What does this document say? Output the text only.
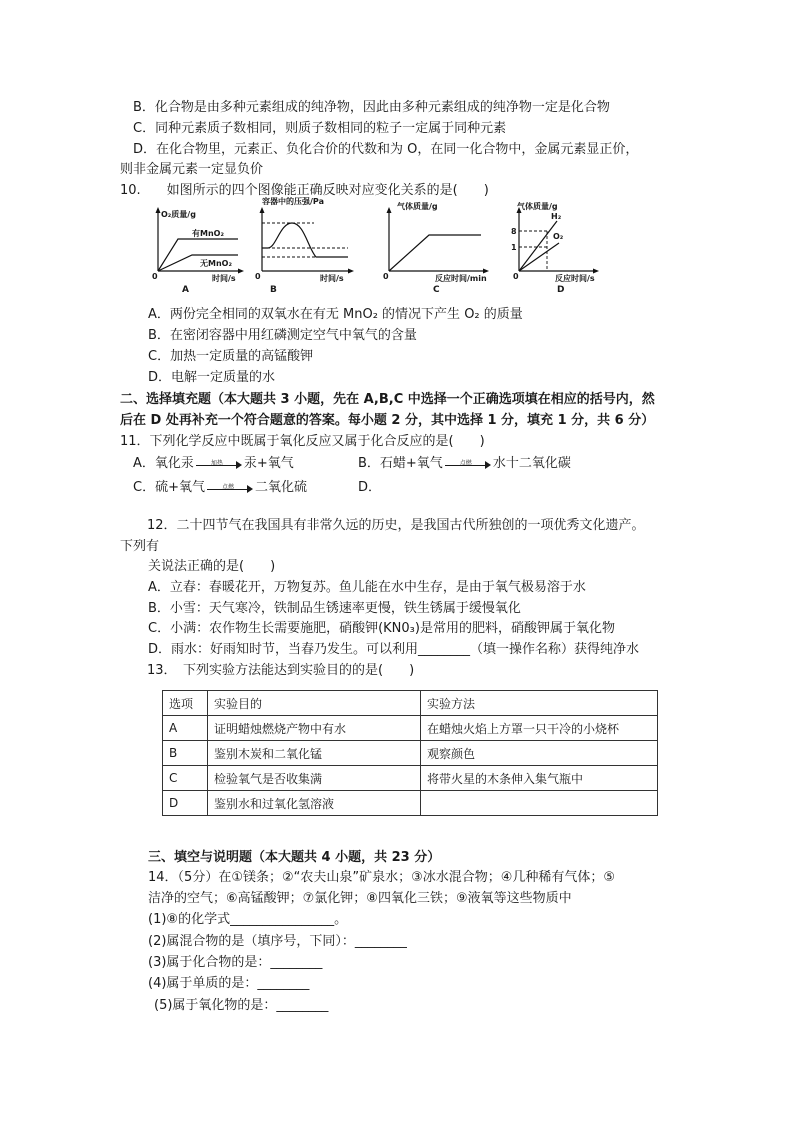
B．化合物是由多种元素组成的纯净物，因此由多种元素组成的纯净物一定是化合物
C．同种元素质子数相同，则质子数相同的粒子一定属于同种元素
D．在化合物里，元素正、负化合价的代数和为 O，在同一化合物中，金属元素显正价，
则非金属元素一定显负价
10.　　如图所示的四个图像能正确反映对应变化关系的是(　　)
O₂质量/g
有MnO₂
无MnO₂
0	时间/s
A
容器中的压强/Pa
0	时间/s
B
气体质量/g
0	反应时间/min
C
气体质量/g
8
1
H₂
O₂
0	反应时间/s
D
A．两份完全相同的双氧水在有无 MnO₂ 的情况下产生 O₂ 的质量
B．在密闭容器中用红磷测定空气中氧气的含量
C．加热一定质量的高锰酸钾
D．电解一定质量的水
二、选择填充题（本大题共 3 小题，先在 A,B,C 中选择一个正确选项填在相应的括号内，然
后在 D 处再补充一个符合题意的答案。每小题 2 分，其中选择 1 分，填充 1 分，共 6 分）
11．下列化学反应中既属于氧化反应又属于化合反应的是(　　)
A．氧化汞	加热	汞+氧气	B．石蜡+氧气	点燃	水十二氧化碳
C．硫+氧气	点燃	二氧化硫	D．
12．二十四节气在我国具有非常久远的历史，是我国古代所独创的一项优秀文化遗产。
下列有
关说法正确的是(　　)
A．立春：春暖花开，万物复苏。鱼儿能在水中生存，是由于氧气极易溶于水
B．小雪：天气寒冷，铁制品生锈速率更慢，铁生锈属于缓慢氧化
C．小满：农作物生长需要施肥，硝酸钾(KN0₃)是常用的肥料，硝酸钾属于氧化物
D．雨水：好雨知时节，当春乃发生。可以利用________（填一操作名称）获得纯净水
13．　下列实验方法能达到实验目的的是(　　)
选项	实验目的	实验方法
A	证明蜡烛燃烧产物中有水	在蜡烛火焰上方罩一只干冷的小烧杯
B	鉴别木炭和二氧化锰	观察颜色
C	检验氧气是否收集满	将带火星的木条伸入集气瓶中
D	鉴别水和过氧化氢溶液	
三、填空与说明题（本大题共 4 小题，共 23 分）
14．（5分）在①镁条；②“农夫山泉”矿泉水；③冰水混合物；④几种稀有气体；⑤
洁净的空气；⑥高锰酸钾；⑦氯化钾；⑧四氧化三铁；⑨液氧等这些物质中
(1)⑧的化学式________________。
(2)属混合物的是（填序号，下同）：________
(3)属于化合物的是：________
(4)属于单质的是：________
(5)属于氧化物的是：________
